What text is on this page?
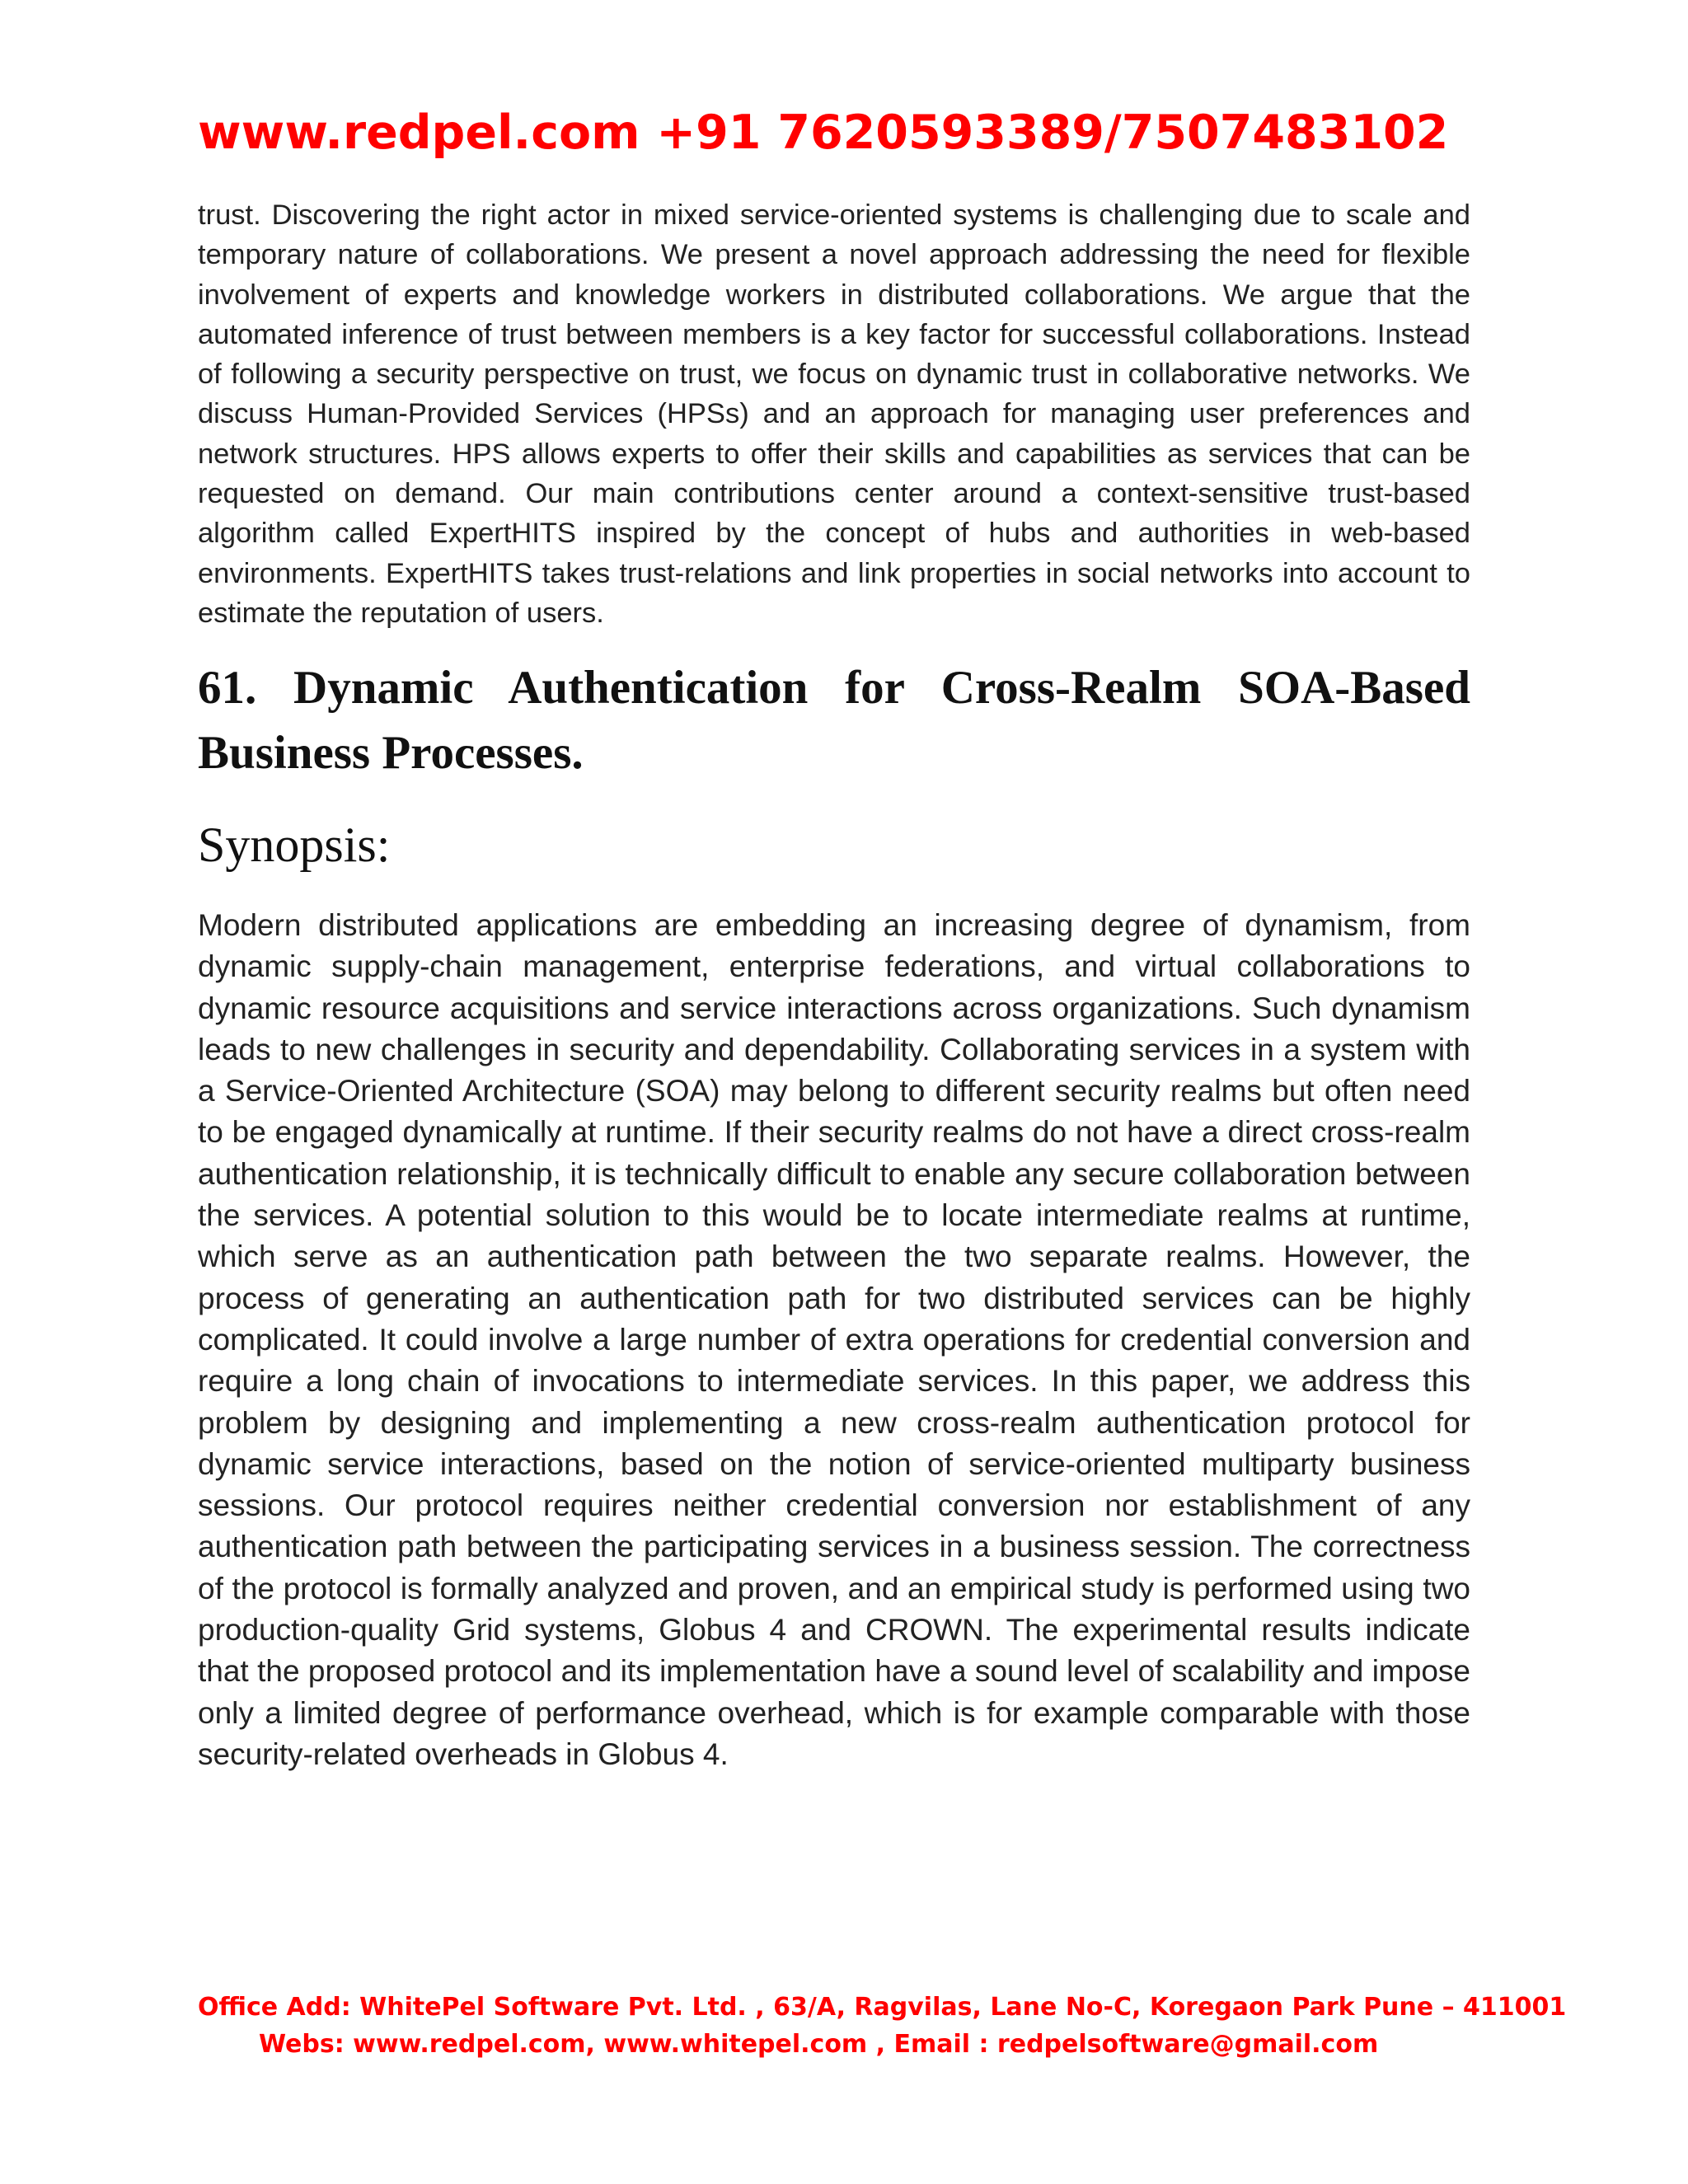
www.redpel.com +91 7620593389/7507483102

trust. Discovering the right actor in mixed service-oriented systems is challenging due to scale and temporary nature of collaborations. We present a novel approach addressing the need for flexible involvement of experts and knowledge workers in distributed collaborations. We argue that the automated inference of trust between members is a key factor for successful collaborations. Instead of following a security perspective on trust, we focus on dynamic trust in collaborative networks. We discuss Human-Provided Services (HPSs) and an approach for managing user preferences and network structures. HPS allows experts to offer their skills and capabilities as services that can be requested on demand. Our main contributions center around a context-sensitive trust-based algorithm called ExpertHITS inspired by the concept of hubs and authorities in web-based environments. ExpertHITS takes trust-relations and link properties in social networks into account to estimate the reputation of users.

61. Dynamic Authentication for Cross-Realm SOA-Based Business Processes.
Synopsis:

Modern distributed applications are embedding an increasing degree of dynamism, from dynamic supply-chain management, enterprise federations, and virtual collaborations to dynamic resource acquisitions and service interactions across organizations. Such dynamism leads to new challenges in security and dependability. Collaborating services in a system with a Service-Oriented Architecture (SOA) may belong to different security realms but often need to be engaged dynamically at runtime. If their security realms do not have a direct cross-realm authentication relationship, it is technically difficult to enable any secure collaboration between the services. A potential solution to this would be to locate intermediate realms at runtime, which serve as an authentication path between the two separate realms. However, the process of generating an authentication path for two distributed services can be highly complicated. It could involve a large number of extra operations for credential conversion and require a long chain of invocations to intermediate services. In this paper, we address this problem by designing and implementing a new cross-realm authentication protocol for dynamic service interactions, based on the notion of service-oriented multiparty business sessions. Our protocol requires neither credential conversion nor establishment of any authentication path between the participating services in a business session. The correctness of the protocol is formally analyzed and proven, and an empirical study is performed using two production-quality Grid systems, Globus 4 and CROWN. The experimental results indicate that the proposed protocol and its implementation have a sound level of scalability and impose only a limited degree of performance overhead, which is for example comparable with those security-related overheads in Globus 4.

Office Add: WhitePel Software Pvt. Ltd. , 63/A, Ragvilas, Lane No-C, Koregaon Park Pune – 411001
Webs: www.redpel.com, www.whitepel.com , Email : redpelsoftware@gmail.com
